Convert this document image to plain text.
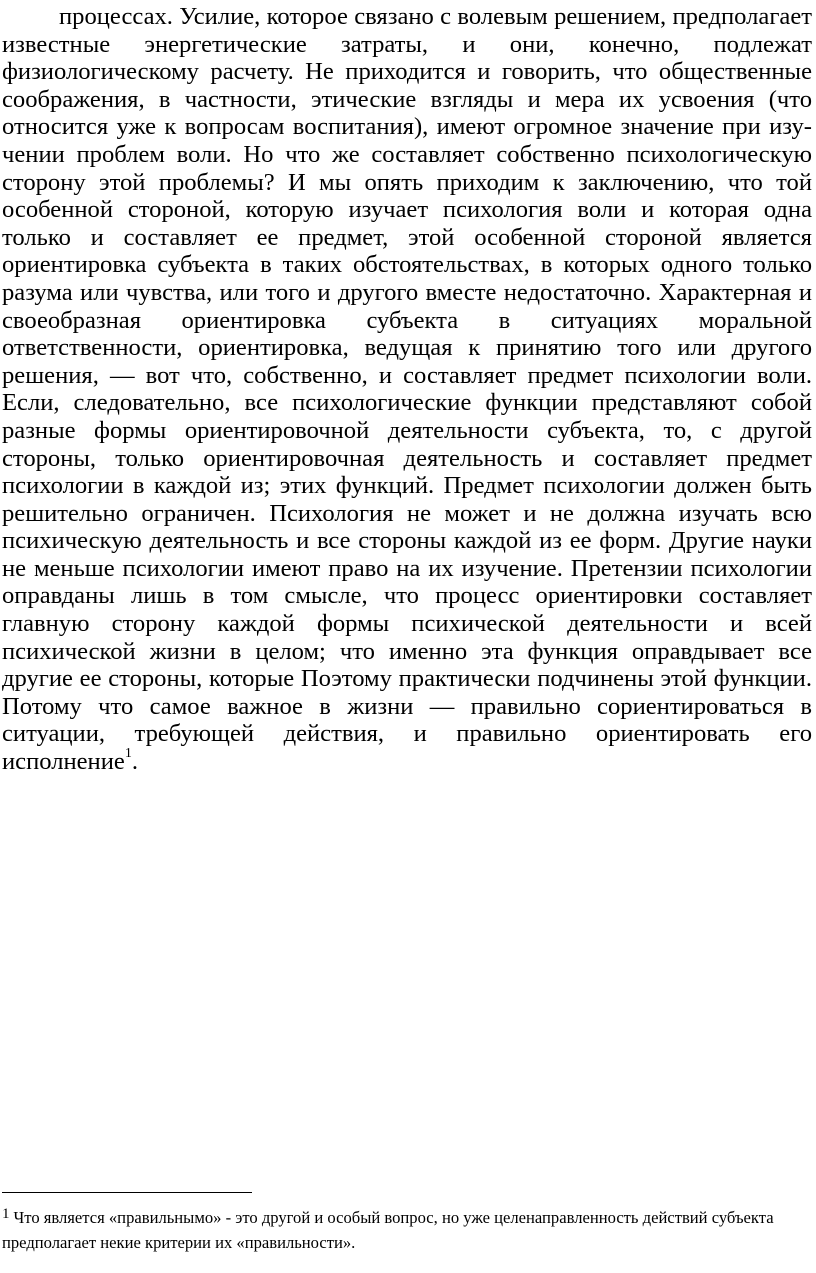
процессах. Усилие, которое связано с волевым решением, предполагает известные энергетические затраты, и они, конечно, подлежат физиологическому расчету. Не приходится и говорить, что общественные соображения, в частности, этические взгляды и мера их усвоения (что относится уже к вопросам воспитания), имеют огромное значение при изучении проблем воли. Но что же составляет собственно психологическую сторону этой проблемы? И мы опять приходим к заключению, что той особенной стороной, которую изучает психология воли и которая одна только и составляет ее предмет, этой особенной стороной является ориентировка субъекта в таких обстоятельствах, в которых одного только разума или чувства, или того и другого вместе недостаточно. Характерная и своеобразная ориентировка субъекта в ситуациях моральной ответственности, ориентировка, ведущая к принятию того или другого решения, — вот что, собственно, и составляет предмет психологии воли. Если, следовательно, все психологические функции представляют собой разные формы ориентировочной деятельности субъекта, то, с другой стороны, только ориентировочная деятельность и составляет предмет психологии в каждой из; этих функций. Предмет психологии должен быть решительно ограничен. Психология не может и не должна изучать всю психическую деятельность и все стороны каждой из ее форм. Другие науки не меньше психологии имеют право на их изучение. Претензии психологии оправданы лишь в том смысле, что процесс ориентировки составляет главную сторону каждой формы психической деятельности и всей психической жизни в целом; что именно эта функция оправдывает все другие ее стороны, которые Поэтому практически подчинены этой функции. Потому что самое важное в жизни — правильно сориентироваться в ситуации, требующей действия, и правильно ориентировать его исполнение$^1$.

1 Что является «правильнымо» - это другой и особый вопрос, но уже целенаправленность действий субъекта предполагает некие критерии их «правильности».
